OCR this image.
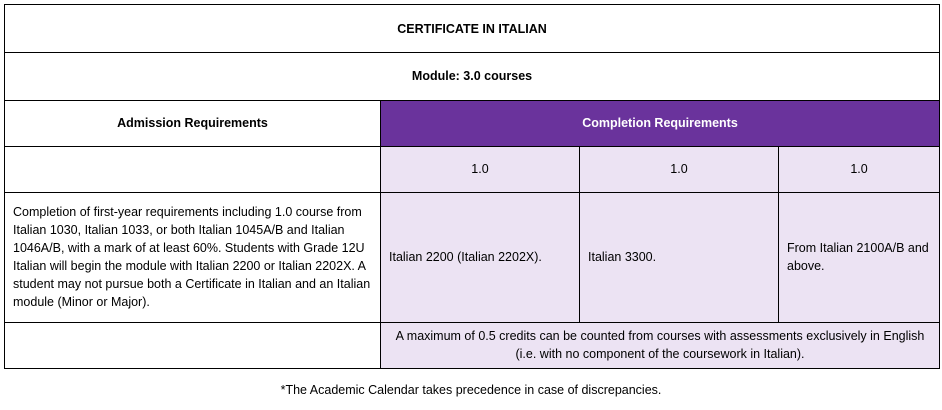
CERTIFICATE IN ITALIAN			
Module: 3.0 courses			
Admission Requirements	Completion Requirements		
	1.0	1.0	1.0
Completion of first-year requirements including 1.0 course from Italian 1030, Italian 1033, or both Italian 1045A/B and Italian 1046A/B, with a mark of at least 60%. Students with Grade 12U Italian will begin the module with Italian 2200 or Italian 2202X. A student may not pursue both a Certificate in Italian and an Italian module (Minor or Major).	Italian 2200 (Italian 2202X).	Italian 3300.	From Italian 2100A/B and above.
	A maximum of 0.5 credits can be counted from courses with assessments exclusively in English (i.e. with no component of the coursework in Italian).		
*The Academic Calendar takes precedence in case of discrepancies.
